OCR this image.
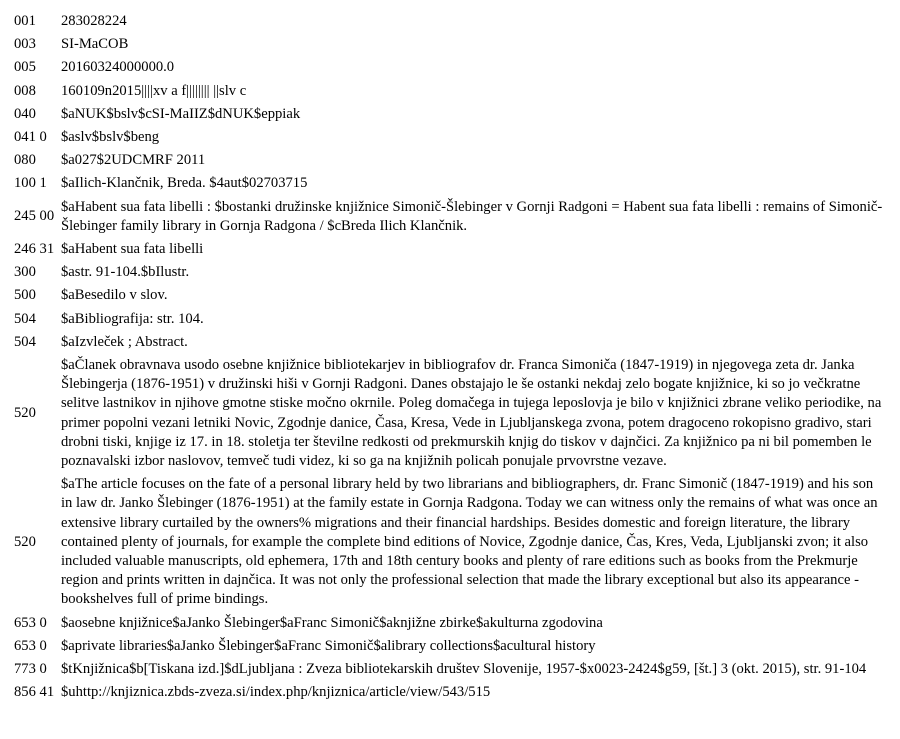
001	283028224
003	SI-MaCOB
005	20160324000000.0
008	160109n2015||||xv a f|||||||| ||slv c
040	$aNUK$bslv$cSI-MaIIZ$dNUK$eppiak
041 0	$aslv$bslv$beng
080	$a027$2UDCMRF 2011
100 1	$aIlich-Klančnik, Breda. $4aut$02703715
245 00	$aHabent sua fata libelli : $bostanki družinske knjižnice Simonič-Šlebinger v Gornji Radgoni = Habent sua fata libelli : remains of Simonič-Šlebinger family library in Gornja Radgona / $cBreda Ilich Klančnik.
246 31	$aHabent sua fata libelli
300	$astr. 91-104.$bIlustr.
500	$aBesedilo v slov.
504	$aBibliografija: str. 104.
504	$aIzvleček ; Abstract.
520	$aČlanek obravnava usodo osebne knjižnice bibliotekarjev in bibliografov dr. Franca Simoniča (1847-1919) in njegovega zeta dr. Janka Šlebingerja (1876-1951) v družinski hiši v Gornji Radgoni. Danes obstajajo le še ostanki nekdaj zelo bogate knjižnice, ki so jo večkratne selitve lastnikov in njihove gmotne stiske močno okrnile. Poleg domačega in tujega leposlovja je bilo v knjižnici zbrane veliko periodike, na primer popolni vezani letniki Novic, Zgodnje danice, Časa, Kresa, Vede in Ljubljanskega zvona, potem dragoceno rokopisno gradivo, stari drobni tiski, knjige iz 17. in 18. stoletja ter številne redkosti od prekmurskih knjig do tiskov v dajnčici. Za knjižnico pa ni bil pomemben le poznavalski izbor naslovov, temveč tudi videz, ki so ga na knjižnih policah ponujale prvovrstne vezave.
520	$aThe article focuses on the fate of a personal library held by two librarians and bibliographers, dr. Franc Simonič (1847-1919) and his son in law dr. Janko Šlebinger (1876-1951) at the family estate in Gornja Radgona. Today we can witness only the remains of what was once an extensive library curtailed by the owners% migrations and their financial hardships. Besides domestic and foreign literature, the library contained plenty of journals, for example the complete bind editions of Novice, Zgodnje danice, Čas, Kres, Veda, Ljubljanski zvon; it also included valuable manuscripts, old ephemera, 17th and 18th century books and plenty of rare editions such as books from the Prekmurje region and prints written in dajnčica. It was not only the professional selection that made the library exceptional but also its appearance - bookshelves full of prime bindings.
653 0	$aosebne knjižnice$aJanko Šlebinger$aFranc Simonič$aknjižne zbirke$akulturna zgodovina
653 0	$aprivate libraries$aJanko Šlebinger$aFranc Simonič$alibrary collections$acultural history
773 0	$tKnjižnica$b[Tiskana izd.]$dLjubljana : Zveza bibliotekarskih društev Slovenije, 1957-$x0023-2424$g59, [št.] 3 (okt. 2015), str. 91-104
856 41	$uhttp://knjiznica.zbds-zveza.si/index.php/knjiznica/article/view/543/515
